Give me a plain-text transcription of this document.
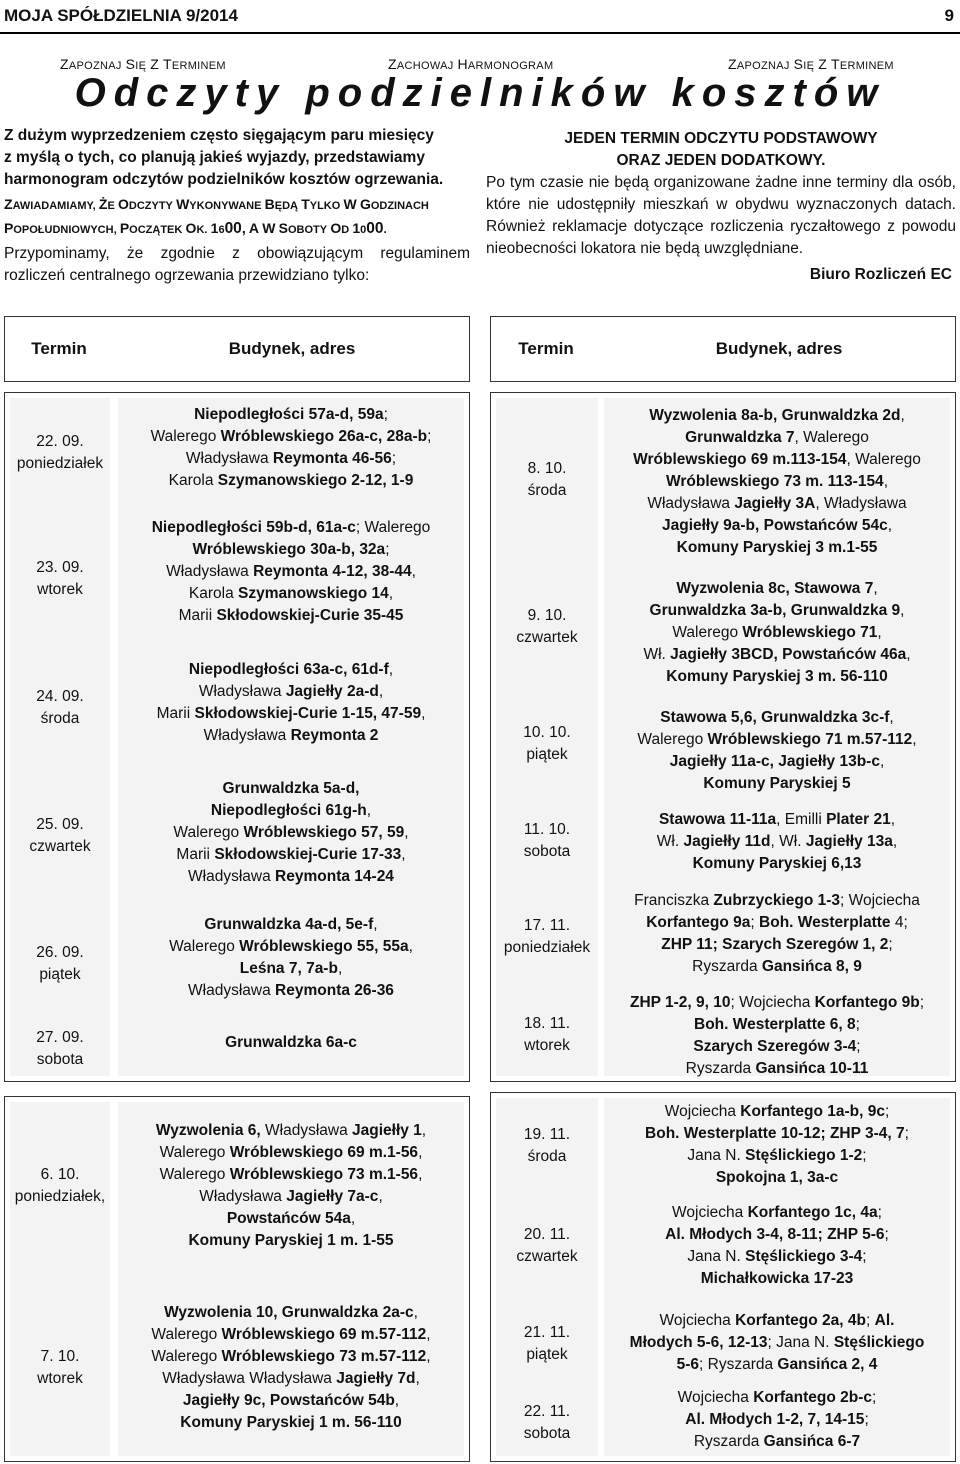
MOJA SPÓŁDZIELNIA 9/2014	9
ZAPOZNAJ SIĘ Z TERMINEM	ZACHOWAJ HARMONOGRAM	ZAPOZNAJ SIĘ Z TERMINEM
Odczyty podzielników kosztów
Z dużym wyprzedzeniem często sięgającym paru miesięcy
z myślą o tych, co planują jakieś wyjazdy, przedstawiamy
harmonogram odczytów podzielników kosztów ogrzewania.
ZAWIADAMIAMY, ŻE ODCZYTY WYKONYWANE BĘDĄ TYLKO W GODZINACH
POPOŁUDNIOWYCH, POCZĄTEK OK. 1600, A W SOBOTY OD 1000.
Przypominamy, że zgodnie z obowiązującym regulaminem rozliczeń centralnego ogrzewania przewidziano tylko:
JEDEN TERMIN ODCZYTU PODSTAWOWY
ORAZ JEDEN DODATKOWY.
Po tym czasie nie będą organizowane żadne inne terminy dla osób, które nie udostępniły mieszkań w obydwu wyznaczonych datach. Również reklamacje dotyczące rozliczenia ryczałtowego z powodu nieobecności lokatora nie będą uwzględniane.
Biuro Rozliczeń EC
Termin	Budynek, adres
22. 09.
poniedziałek
Niepodległości 57a-d, 59a;
Walerego Wróblewskiego 26a-c, 28a-b;
Władysława Reymonta 46-56;
Karola Szymanowskiego 2-12, 1-9
23. 09.
wtorek
Niepodległości 59b-d, 61a-c; Walerego
Wróblewskiego 30a-b, 32a;
Władysława Reymonta 4-12, 38-44,
Karola Szymanowskiego 14,
Marii Skłodowskiej-Curie 35-45
24. 09.
środa
Niepodległości 63a-c, 61d-f,
Władysława Jagiełły 2a-d,
Marii Skłodowskiej-Curie 1-15, 47-59,
Władysława Reymonta 2
25. 09.
czwartek
Grunwaldzka 5a-d,
Niepodległości 61g-h,
Walerego Wróblewskiego 57, 59,
Marii Skłodowskiej-Curie 17-33,
Władysława Reymonta 14-24
26. 09.
piątek
Grunwaldzka 4a-d, 5e-f,
Walerego Wróblewskiego 55, 55a,
Leśna 7, 7a-b,
Władysława Reymonta 26-36
27. 09.
sobota
Grunwaldzka 6a-c
6. 10.
poniedziałek,
Wyzwolenia 6, Władysława Jagiełły 1,
Walerego Wróblewskiego 69 m.1-56,
Walerego Wróblewskiego 73 m.1-56,
Władysława Jagiełły 7a-c,
Powstańców 54a,
Komuny Paryskiej 1 m. 1-55
7. 10.
wtorek
Wyzwolenia 10, Grunwaldzka 2a-c,
Walerego Wróblewskiego 69 m.57-112,
Walerego Wróblewskiego 73 m.57-112,
Władysława Władysława Jagiełły 7d,
Jagiełły 9c, Powstańców 54b,
Komuny Paryskiej 1 m. 56-110
Termin	Budynek, adres
8. 10.
środa
Wyzwolenia 8a-b, Grunwaldzka 2d,
Grunwaldzka 7, Walerego
Wróblewskiego 69 m.113-154, Walerego
Wróblewskiego 73 m. 113-154,
Władysława Jagiełły 3A, Władysława
Jagiełły 9a-b, Powstańców 54c,
Komuny Paryskiej 3 m.1-55
9. 10.
czwartek
Wyzwolenia 8c, Stawowa 7,
Grunwaldzka 3a-b, Grunwaldzka 9,
Walerego Wróblewskiego 71,
Wł. Jagiełły 3BCD, Powstańców 46a,
Komuny Paryskiej 3 m. 56-110
10. 10.
piątek
Stawowa 5,6, Grunwaldzka 3c-f,
Walerego Wróblewskiego 71 m.57-112,
Jagiełły 11a-c, Jagiełły 13b-c,
Komuny Paryskiej 5
11. 10.
sobota
Stawowa 11-11a, Emilli Plater 21,
Wł. Jagiełły 11d, Wł. Jagiełły 13a,
Komuny Paryskiej 6,13
17. 11.
poniedziałek
Franciszka Zubrzyckiego 1-3; Wojciecha
Korfantego 9a; Boh. Westerplatte 4;
ZHP 11; Szarych Szeregów 1, 2;
Ryszarda Gansińca 8, 9
18. 11.
wtorek
ZHP 1-2, 9, 10; Wojciecha Korfantego 9b;
Boh. Westerplatte 6, 8;
Szarych Szeregów 3-4;
Ryszarda Gansińca 10-11
19. 11.
środa
Wojciecha Korfantego 1a-b, 9c;
Boh. Westerplatte 10-12; ZHP 3-4, 7;
Jana N. Stęślickiego 1-2;
Spokojna 1, 3a-c
20. 11.
czwartek
Wojciecha Korfantego 1c, 4a;
Al. Młodych 3-4, 8-11; ZHP 5-6;
Jana N. Stęślickiego 3-4;
Michałkowicka 17-23
21. 11.
piątek
Wojciecha Korfantego 2a, 4b; Al.
Młodych 5-6, 12-13; Jana N. Stęślickiego
5-6; Ryszarda Gansińca 2, 4
22. 11.
sobota
Wojciecha Korfantego 2b-c;
Al. Młodych 1-2, 7, 14-15;
Ryszarda Gansińca 6-7
